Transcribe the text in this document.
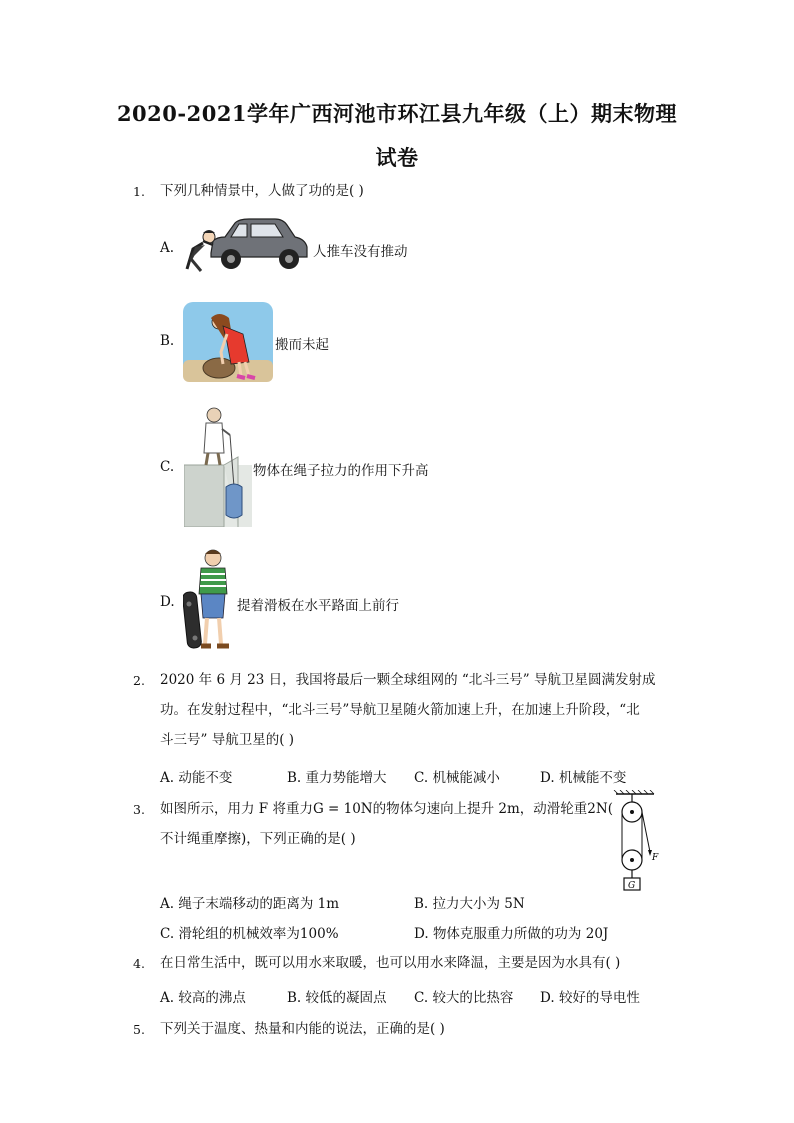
2020-2021学年广西河池市环江县九年级（上）期末物理
试卷
1. 下列几种情景中，人做了功的是( )
A.	人推车没有推动
B.	搬而未起
C.	物体在绳子拉力的作用下升高
D.	提着滑板在水平路面上前行
2. 2020 年 6 月 23 日，我国将最后一颗全球组网的 “北斗三号” 导航卫星圆满发射成
功。在发射过程中，“北斗三号”导航卫星随火箭加速上升，在加速上升阶段，“北
斗三号” 导航卫星的( )
A. 动能不变	B. 重力势能增大 C. 机械能减小	D. 机械能不变
3. 如图所示，用力 F 将重力G = 10N的物体匀速向上提升 2m，动滑轮重2N(
不计绳重摩擦)，下列正确的是( )
F
G
A. 绳子末端移动的距离为 1m	B. 拉力大小为 5N
C. 滑轮组的机械效率为100%	D. 物体克服重力所做的功为 20J
4. 在日常生活中，既可以用水来取暖，也可以用水来降温，主要是因为水具有( )
A. 较高的沸点	B. 较低的凝固点 C. 较大的比热容 D. 较好的导电性
5. 下列关于温度、热量和内能的说法，正确的是( )
